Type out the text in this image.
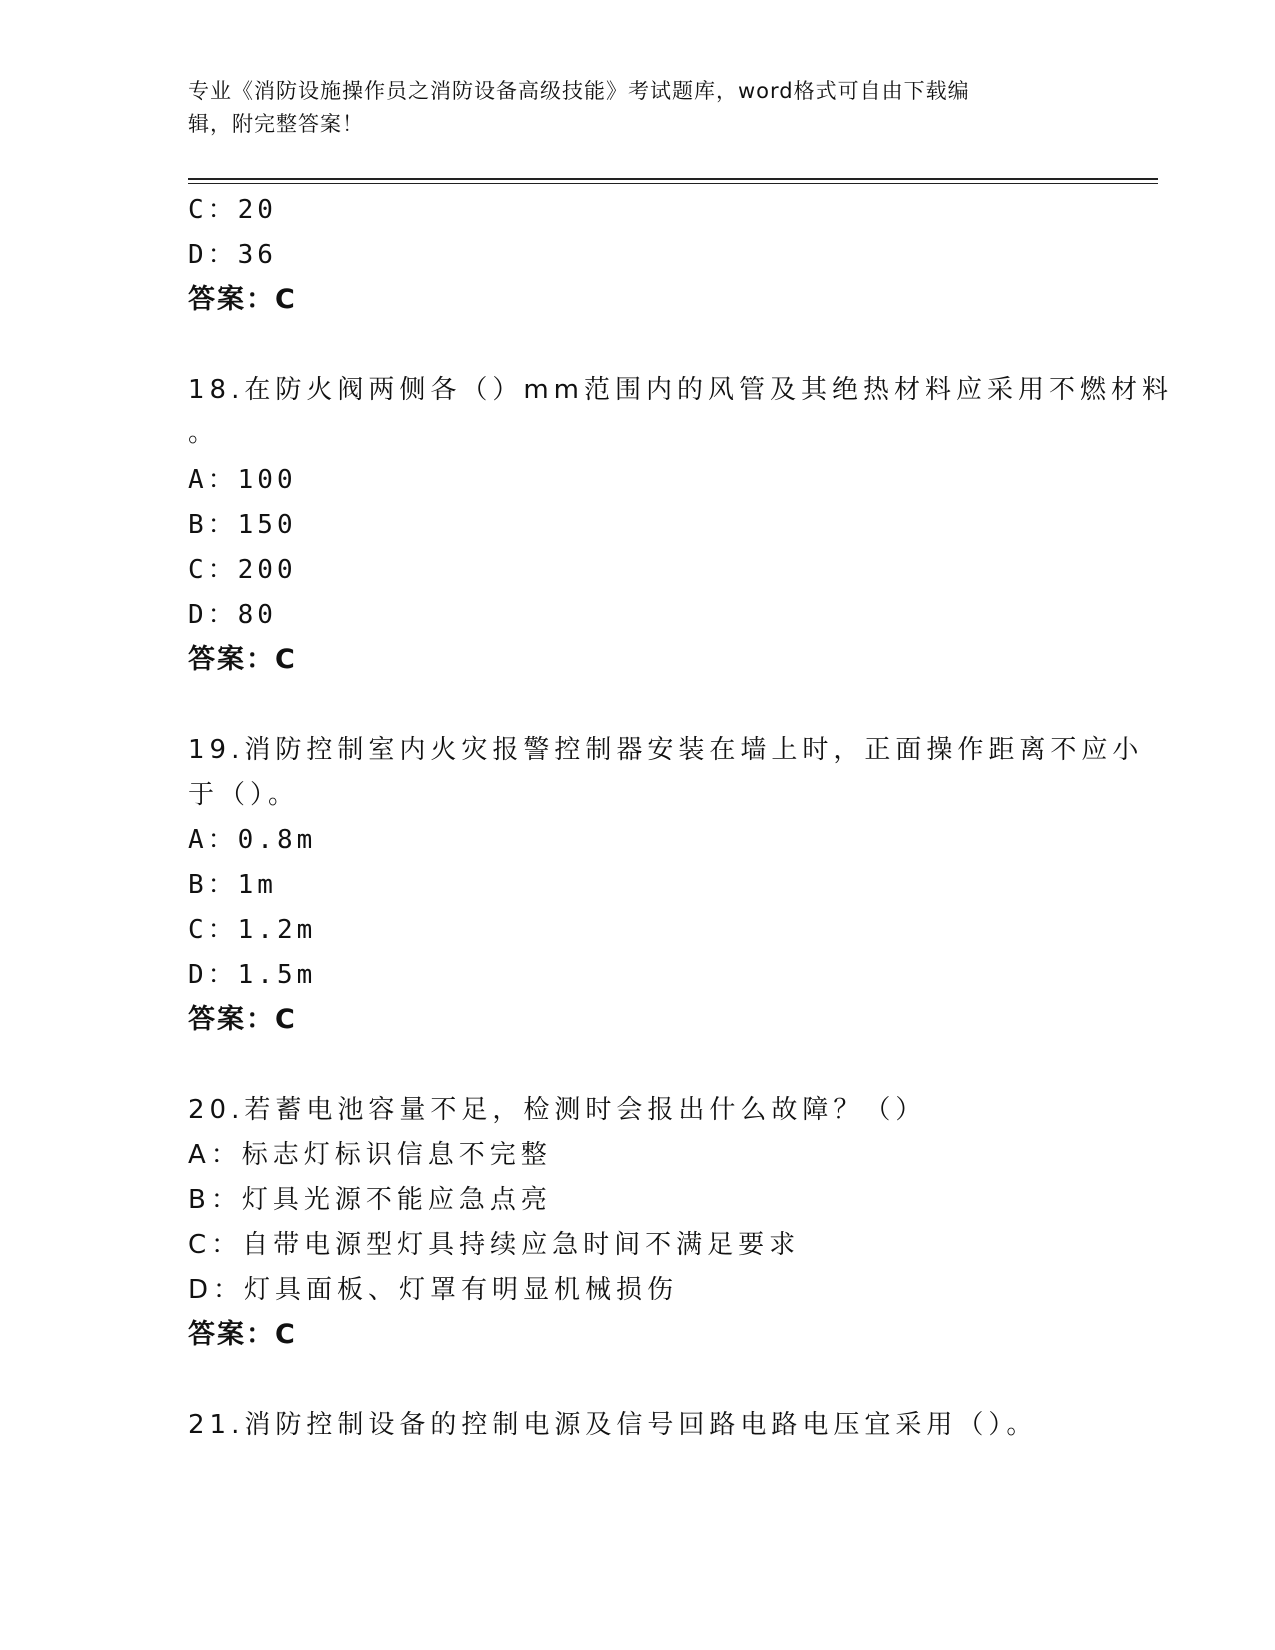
专业《消防设施操作员之消防设备高级技能》考试题库，word格式可自由下载编
辑，附完整答案！
C：20
D：36
答案：C
18.在防火阀两侧各（）mm范围内的风管及其绝热材料应采用不燃材料
。
A：100
B：150
C：200
D：80
答案：C
19.消防控制室内火灾报警控制器安装在墙上时，正面操作距离不应小
于（）。
A：0.8m
B：1m
C：1.2m
D：1.5m
答案：C
20.若蓄电池容量不足，检测时会报出什么故障？（）
A：标志灯标识信息不完整
B：灯具光源不能应急点亮
C：自带电源型灯具持续应急时间不满足要求
D：灯具面板、灯罩有明显机械损伤
答案：C
21.消防控制设备的控制电源及信号回路电路电压宜采用（）。
